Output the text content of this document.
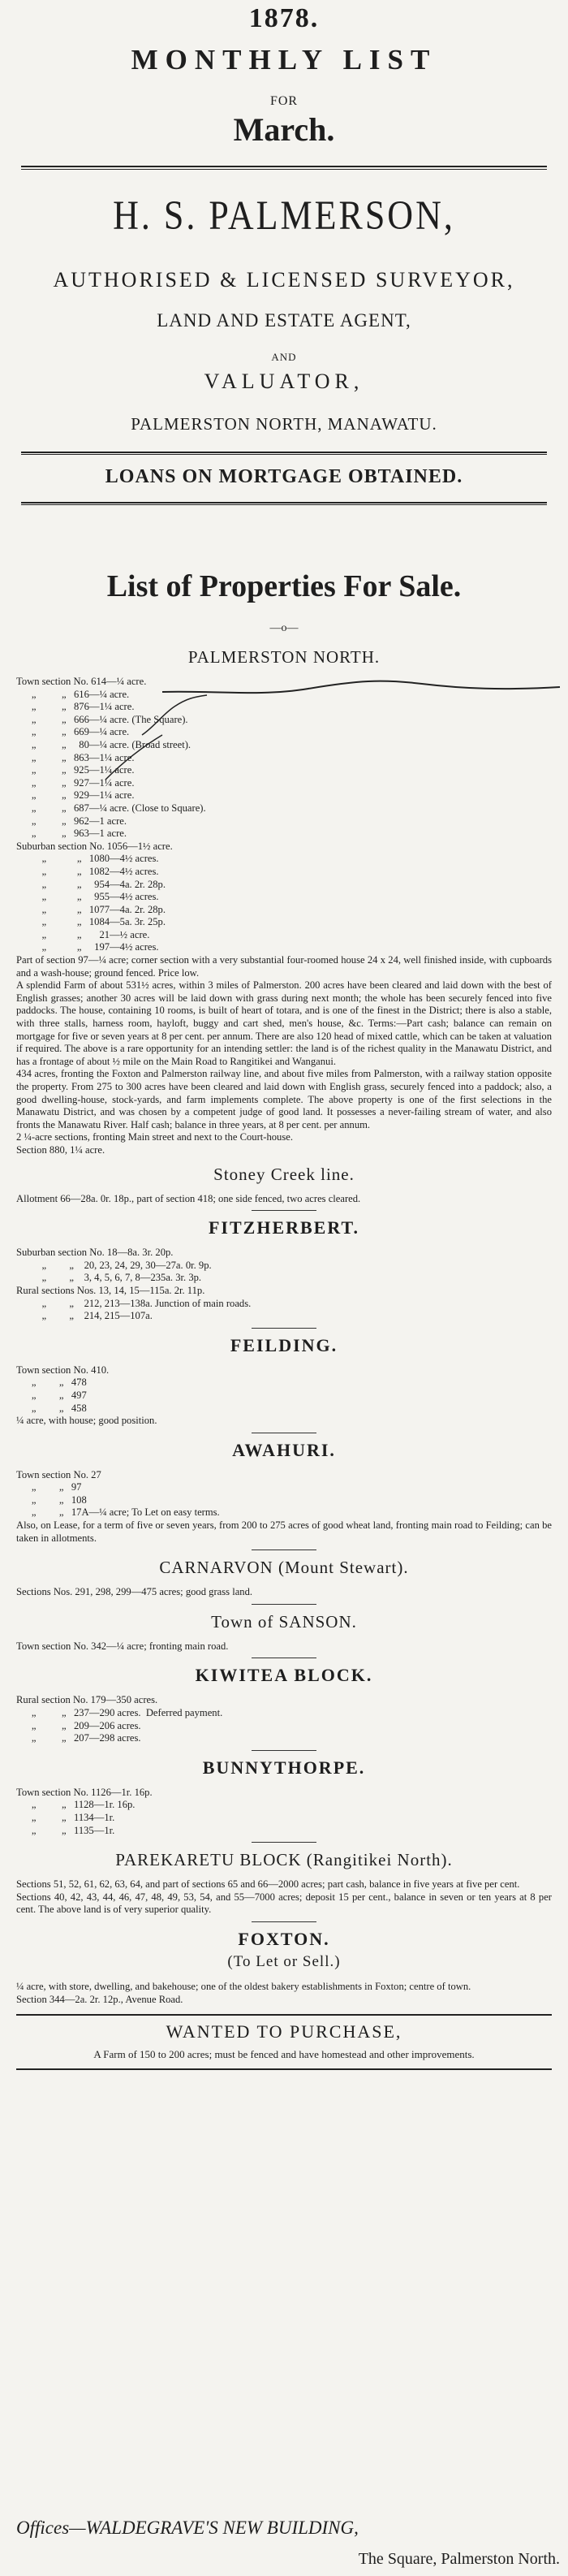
1878.
MONTHLY LIST
FOR
March.
H. S. PALMERSON,
AUTHORISED & LICENSED SURVEYOR,
LAND AND ESTATE AGENT,
AND
VALUATOR,
PALMERSTON NORTH, MANAWATU.
LOANS ON MORTGAGE OBTAINED.
List of Properties For Sale.
—o—
PALMERSTON NORTH.
Town section No. 614—¼ acre.
„          „   616—¼ acre.
„          „   876—1¼ acre.
„          „   666—¼ acre. (The Square).
„          „   669—¼ acre.
„          „     80—¼ acre. (Broad street).
„          „   863—1¼ acre.
„          „   925—1¼ acre.
„          „   927—1¼ acre.
„          „   929—1¼ acre.
„          „   687—¼ acre. (Close to Square).
„          „   962—1 acre.
„          „   963—1 acre.
Suburban section No. 1056—1½ acre.
„            „   1080—4½ acres.
„            „   1082—4½ acres.
„            „     954—4a. 2r. 28p.
„            „     955—4½ acres.
„            „   1077—4a. 2r. 28p.
„            „   1084—5a. 3r. 25p.
„            „       21—½ acre.
„            „     197—4½ acres.

Part of section 97—¼ acre; corner section with a very substantial four-roomed house 24 x 24, well finished inside, with cupboards and a wash-house; ground fenced. Price low.

A splendid Farm of about 531½ acres, within 3 miles of Palmerston. 200 acres have been cleared and laid down with the best of English grasses; another 30 acres will be laid down with grass during next month; the whole has been securely fenced into five paddocks. The house, containing 10 rooms, is built of heart of totara, and is one of the finest in the District; there is also a stable, with three stalls, harness room, hayloft, buggy and cart shed, men's house, &c. Terms:—Part cash; balance can remain on mortgage for five or seven years at 8 per cent. per annum. There are also 120 head of mixed cattle, which can be taken at valuation if required. The above is a rare opportunity for an intending settler: the land is of the richest quality in the Manawatu District, and has a frontage of about ½ mile on the Main Road to Rangitikei and Wanganui.

434 acres, fronting the Foxton and Palmerston railway line, and about five miles from Palmerston, with a railway station opposite the property. From 275 to 300 acres have been cleared and laid down with English grass, securely fenced into a paddock; also, a good dwelling-house, stock-yards, and farm implements complete. The above property is one of the first selections in the Manawatu District, and was chosen by a competent judge of good land. It possesses a never-failing stream of water, and also fronts the Manawatu River. Half cash; balance in three years, at 8 per cent. per annum.

2 ¼-acre sections, fronting Main street and next to the Court-house.

Section 880, 1¼ acre.

Stoney Creek line.

Allotment 66—28a. 0r. 18p., part of section 418; one side fenced, two acres cleared.

FITZHERBERT.
Suburban section No. 18—8a. 3r. 20p.
„         „    20, 23, 24, 29, 30—27a. 0r. 9p.
„         „    3, 4, 5, 6, 7, 8—235a. 3r. 3p.
Rural sections Nos. 13, 14, 15—115a. 2r. 11p.
„         „    212, 213—138a. Junction of main roads.
„         „    214, 215—107a.
FEILDING.
Town section No. 410.
„         „   478
„         „   497
„         „   458
¼ acre, with house; good position.
AWAHURI.
Town section No. 27
„         „   97
„         „   108
„         „   17A—¼ acre; To Let on easy terms.

Also, on Lease, for a term of five or seven years, from 200 to 275 acres of good wheat land, fronting main road to Feilding; can be taken in allotments.

CARNARVON (Mount Stewart).

Sections Nos. 291, 298, 299—475 acres; good grass land.

Town of SANSON.

Town section No. 342—¼ acre; fronting main road.

KIWITEA BLOCK.
Rural section No. 179—350 acres.
„          „   237—290 acres.  Deferred payment.
„          „   209—206 acres.
„          „   207—298 acres.
BUNNYTHORPE.
Town section No. 1126—1r. 16p.
„          „   1128—1r. 16p.
„          „   1134—1r.
„          „   1135—1r.
PAREKARETU BLOCK (Rangitikei North).

Sections 51, 52, 61, 62, 63, 64, and part of sections 65 and 66—2000 acres; part cash, balance in five years at five per cent.

Sections 40, 42, 43, 44, 46, 47, 48, 49, 53, 54, and 55—7000 acres; deposit 15 per cent., balance in seven or ten years at 8 per cent. The above land is of very superior quality.

FOXTON.
(To Let or Sell.)

¼ acre, with store, dwelling, and bakehouse; one of the oldest bakery establishments in Foxton; centre of town.

Section 344—2a. 2r. 12p., Avenue Road.

WANTED TO PURCHASE,
A Farm of 150 to 200 acres; must be fenced and have homestead and other improvements.
Offices—WALDEGRAVE'S NEW BUILDING,
The Square, Palmerston North.
